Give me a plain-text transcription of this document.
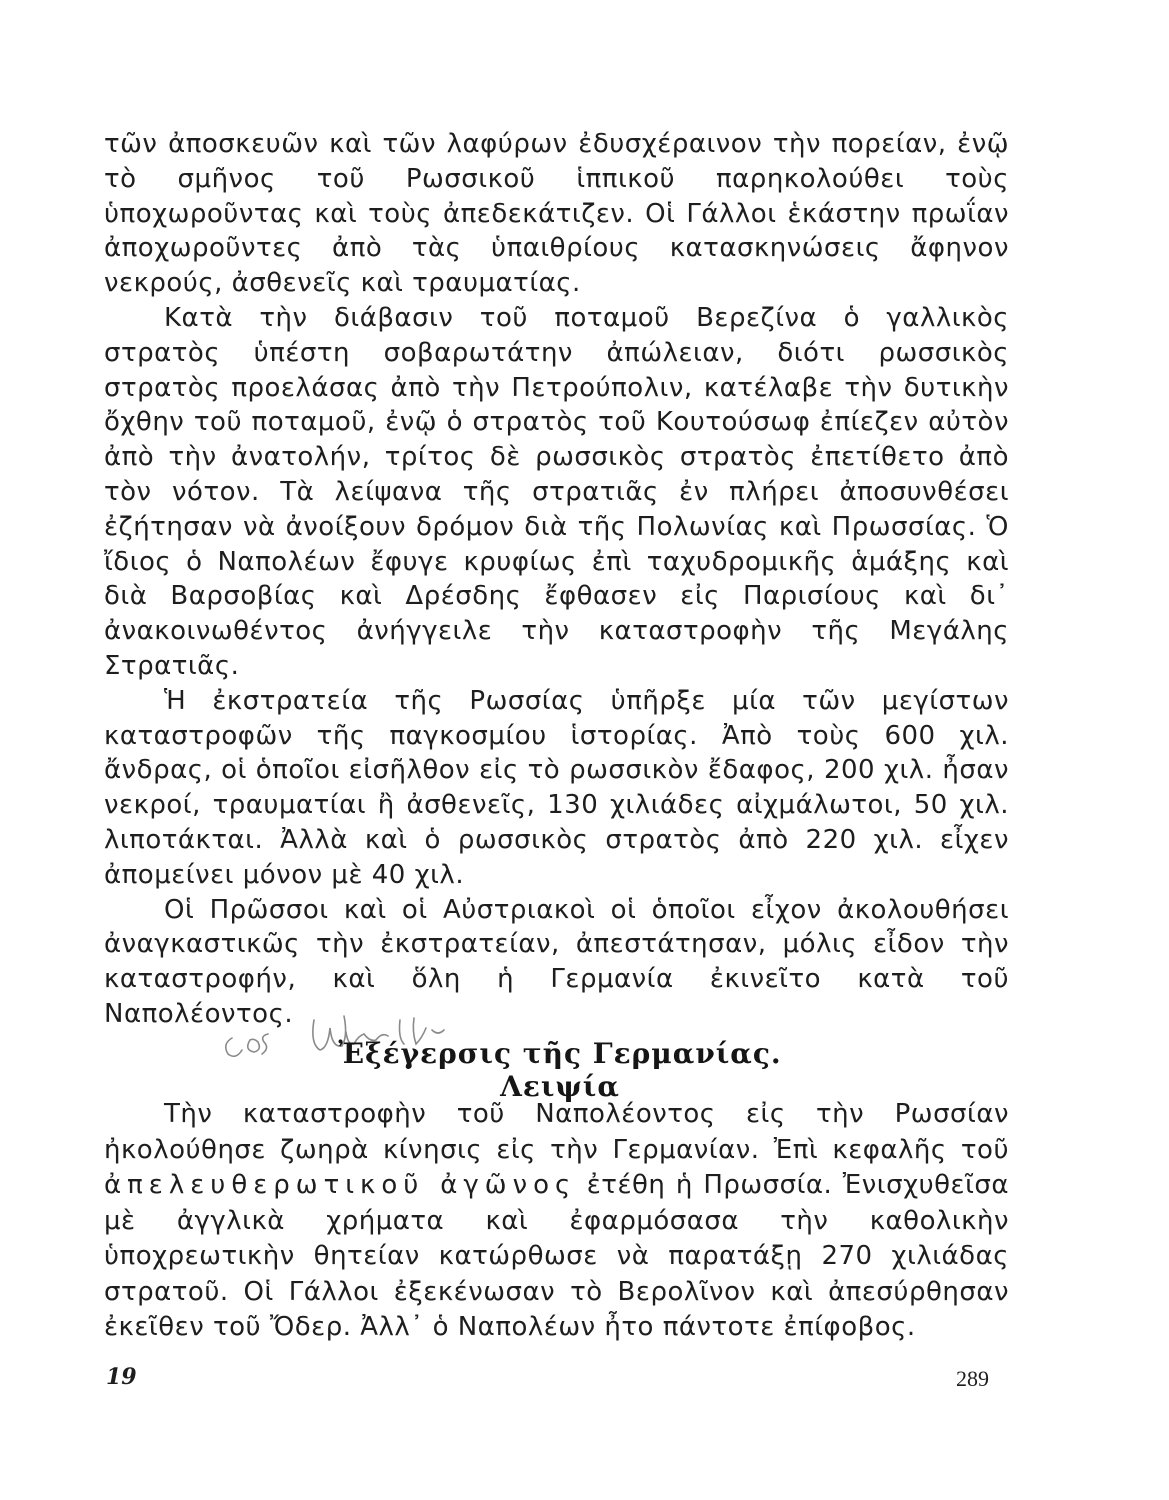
τῶν ἀποσκευῶν καὶ τῶν λαφύρων ἐδυσχέραινον τὴν πορείαν, ἐνῷ τὸ σμῆνος τοῦ Ρωσσικοῦ ἱππικοῦ παρηκολούθει τοὺς ὑποχωροῦντας καὶ τοὺς ἀπεδεκάτιζεν. Οἱ Γάλλοι ἑκάστην πρωΐαν ἀποχωροῦντες ἀπὸ τὰς ὑπαιθρίους κατασκηνώσεις ἄφηνον νεκρούς, ἀσθενεῖς καὶ τραυματίας.

Κατὰ τὴν διάβασιν τοῦ ποταμοῦ Βερεζίνα ὁ γαλλικὸς στρατὸς ὑπέστη σοβαρωτάτην ἀπώλειαν, διότι ρωσσικὸς στρατὸς προελάσας ἀπὸ τὴν Πετρούπολιν, κατέλαβε τὴν δυτικὴν ὄχθην τοῦ ποταμοῦ, ἐνῷ ὁ στρατὸς τοῦ Κουτούσωφ ἐπίεζεν αὐτὸν ἀπὸ τὴν ἀνατολήν, τρίτος δὲ ρωσσικὸς στρατὸς ἐπετίθετο ἀπὸ τὸν νότον. Τὰ λείψανα τῆς στρατιᾶς ἐν πλήρει ἀποσυνθέσει ἐζήτησαν νὰ ἀνοίξουν δρόμον διὰ τῆς Πολωνίας καὶ Πρωσσίας. Ὁ ἴδιος ὁ Ναπολέων ἔφυγε κρυφίως ἐπὶ ταχυδρομικῆς ἁμάξης καὶ διὰ Βαρσοβίας καὶ Δρέσδης ἔφθασεν εἰς Παρισίους καὶ δι᾽ ἀνακοινωθέντος ἀνήγγειλε τὴν καταστροφὴν τῆς Μεγάλης Στρατιᾶς.

Ἡ ἐκστρατεία τῆς Ρωσσίας ὑπῆρξε μία τῶν μεγίστων καταστροφῶν τῆς παγκοσμίου ἱστορίας. Ἀπὸ τοὺς 600 χιλ. ἄνδρας, οἱ ὁποῖοι εἰσῆλθον εἰς τὸ ρωσσικὸν ἔδαφος, 200 χιλ. ἦσαν νεκροί, τραυματίαι ἢ ἀσθενεῖς, 130 χιλιάδες αἰχμάλωτοι, 50 χιλ. λιποτάκται. Ἀλλὰ καὶ ὁ ρωσσικὸς στρατὸς ἀπὸ 220 χιλ. εἶχεν ἀπομείνει μόνον μὲ 40 χιλ.

Οἱ Πρῶσσοι καὶ οἱ Αὐστριακοὶ οἱ ὁποῖοι εἶχον ἀκολουθήσει ἀναγκαστικῶς τὴν ἐκστρατείαν, ἀπεστάτησαν, μόλις εἶδον τὴν καταστροφήν, καὶ ὅλη ἡ Γερμανία ἐκινεῖτο κατὰ τοῦ Ναπολέοντος.

Ἐξέγερσις τῆς Γερμανίας. Λειψία

Τὴν καταστροφὴν τοῦ Ναπολέοντος εἰς τὴν Ρωσσίαν ἠκολούθησε ζωηρὰ κίνησις εἰς τὴν Γερμανίαν. Ἐπὶ κεφαλῆς τοῦ ἀπελευθερωτικοῦ ἀγῶνος ἐτέθη ἡ Πρωσσία. Ἐνισχυθεῖσα μὲ ἀγγλικὰ χρήματα καὶ ἐφαρμόσασα τὴν καθολικὴν ὑποχρεωτικὴν θητείαν κατώρθωσε νὰ παρατάξῃ 270 χιλιάδας στρατοῦ. Οἱ Γάλλοι ἐξεκένωσαν τὸ Βερολῖνον καὶ ἀπεσύρθησαν ἐκεῖθεν τοῦ Ὄδερ. Ἀλλ᾽ ὁ Ναπολέων ἦτο πάντοτε ἐπίφοβος.

19	289
